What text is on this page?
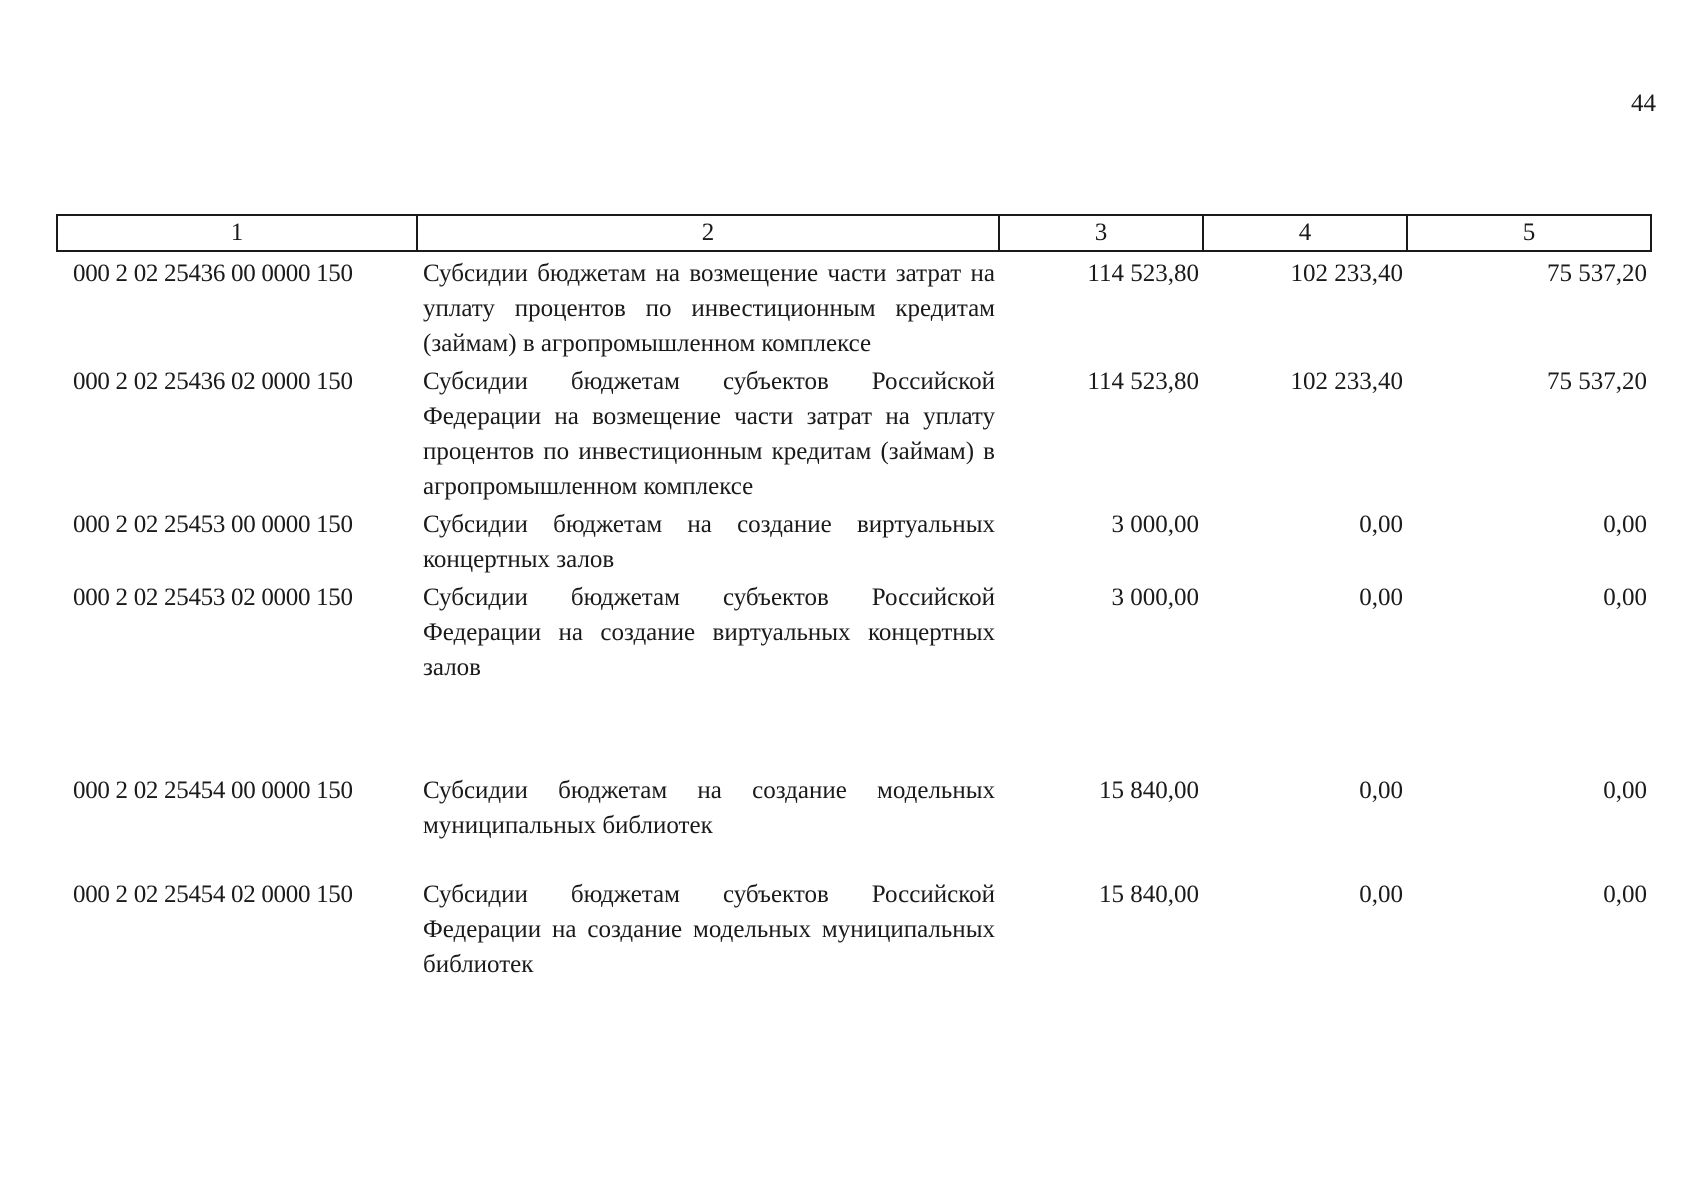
44
1	2	3	4	5
000 2 02 25436 00 0000 150	Субсидии бюджетам на возмещение части затрат на уплату процентов по инвестиционным кредитам (займам) в агропромышленном комплексе	114 523,80	102 233,40	75 537,20
000 2 02 25436 02 0000 150	Субсидии бюджетам субъектов Российской Федерации на возмещение части затрат на уплату процентов по инвестиционным кредитам (займам) в агропромышленном комплексе	114 523,80	102 233,40	75 537,20
000 2 02 25453 00 0000 150	Субсидии бюджетам на создание виртуальных концертных залов	3 000,00	0,00	0,00
000 2 02 25453 02 0000 150	Субсидии бюджетам субъектов Российской Федерации на создание виртуальных концертных залов	3 000,00	0,00	0,00
000 2 02 25454 00 0000 150	Субсидии бюджетам на создание модельных муниципальных библиотек	15 840,00	0,00	0,00
000 2 02 25454 02 0000 150	Субсидии бюджетам субъектов Российской Федерации на создание модельных муниципальных библиотек	15 840,00	0,00	0,00
